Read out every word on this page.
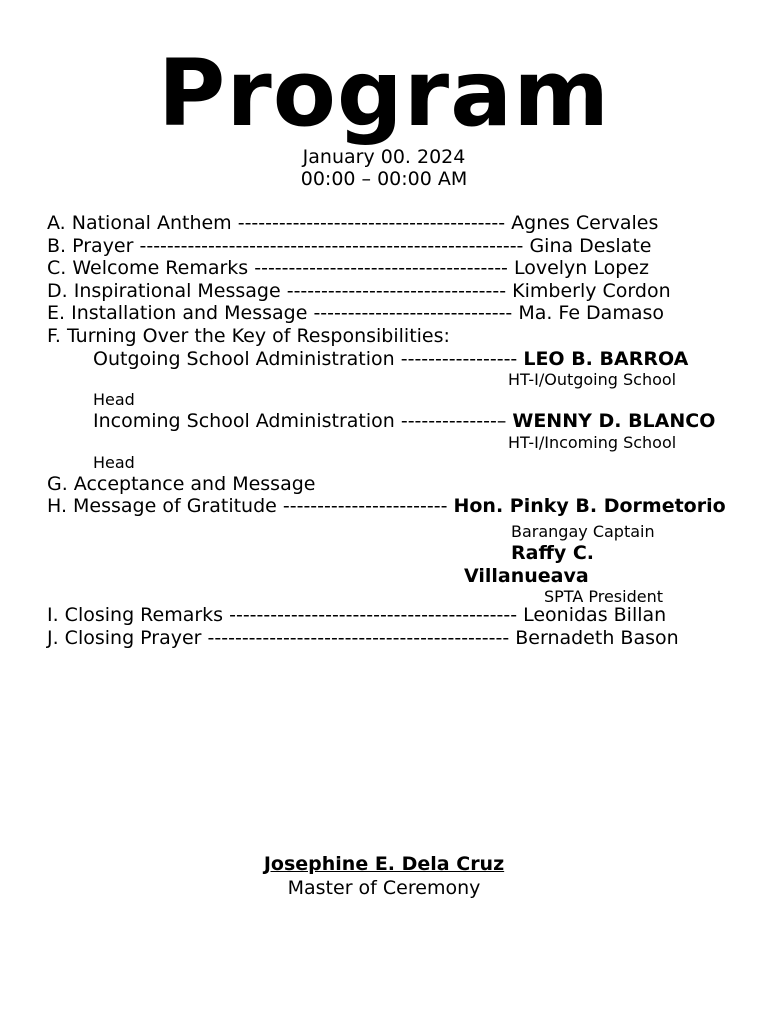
Program
January 00. 2024
00:00 – 00:00 AM
A. National Anthem --------------------------------------- Agnes Cervales
B. Prayer -------------------------------------------------------- Gina Deslate
C. Welcome Remarks ------------------------------------- Lovelyn Lopez
D. Inspirational Message -------------------------------- Kimberly Cordon
E. Installation and Message ----------------------------- Ma. Fe Damaso
F. Turning Over the Key of Responsibilities:
Outgoing School Administration ----------------- LEO B. BARROA
HT-I/Outgoing School
Head
Incoming School Administration --------------– WENNY D. BLANCO
HT-I/Incoming School
Head
G. Acceptance and Message
H. Message of Gratitude ------------------------ Hon. Pinky B. Dormetorio
Barangay Captain
Raffy C.
Villanueava
SPTA President
I. Closing Remarks ------------------------------------------ Leonidas Billan
J. Closing Prayer -------------------------------------------- Bernadeth Bason
Josephine E. Dela Cruz
Master of Ceremony
